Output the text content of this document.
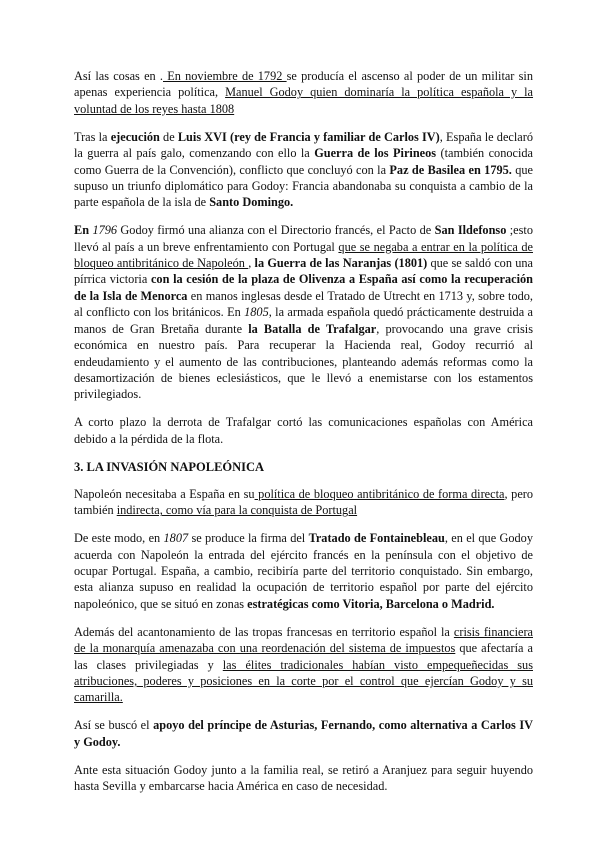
Así las cosas en . En noviembre de 1792 se producía el ascenso al poder de un militar sin apenas experiencia política, Manuel Godoy quien dominaría la política española y la voluntad de los reyes hasta 1808

Tras la ejecución de Luis XVI (rey de Francia y familiar de Carlos IV), España le declaró la guerra al país galo, comenzando con ello la Guerra de los Pirineos (también conocida como Guerra de la Convención), conflicto que concluyó con la Paz de Basilea en 1795. que supuso un triunfo diplomático para Godoy: Francia abandonaba su conquista a cambio de la parte española de la isla de Santo Domingo.

En 1796 Godoy firmó una alianza con el Directorio francés, el Pacto de San Ildefonso ;esto llevó al país a un breve enfrentamiento con Portugal que se negaba a entrar en la política de bloqueo antibritánico de Napoleón , la Guerra de las Naranjas (1801) que se saldó con una pírrica victoria con la cesión de la plaza de Olivenza a España así como la recuperación de la Isla de Menorca en manos inglesas desde el Tratado de Utrecht en 1713 y, sobre todo, al conflicto con los británicos. En 1805, la armada española quedó prácticamente destruida a manos de Gran Bretaña durante la Batalla de Trafalgar, provocando una grave crisis económica en nuestro país. Para recuperar la Hacienda real, Godoy recurrió al endeudamiento y el aumento de las contribuciones, planteando además reformas como la desamortización de bienes eclesiásticos, que le llevó a enemistarse con los estamentos privilegiados.

A corto plazo la derrota de Trafalgar cortó las comunicaciones españolas con América debido a la pérdida de la flota.

3. LA INVASIÓN NAPOLEÓNICA

Napoleón necesitaba a España en su política de bloqueo antibritánico de forma directa, pero también indirecta, como vía para la conquista de Portugal

De este modo, en 1807 se produce la firma del Tratado de Fontainebleau, en el que Godoy acuerda con Napoleón la entrada del ejército francés en la península con el objetivo de ocupar Portugal. España, a cambio, recibiría parte del territorio conquistado. Sin embargo, esta alianza supuso en realidad la ocupación de territorio español por parte del ejército napoleónico, que se situó en zonas estratégicas como Vitoria, Barcelona o Madrid.

Además del acantonamiento de las tropas francesas en territorio español la crisis financiera de la monarquía amenazaba con una reordenación del sistema de impuestos que afectaría a las clases privilegiadas y las élites tradicionales habían visto empequeñecidas sus atribuciones, poderes y posiciones en la corte por el control que ejercían Godoy y su camarilla.

Así se buscó el apoyo del príncipe de Asturias, Fernando, como alternativa a Carlos IV y Godoy.

Ante esta situación Godoy junto a la familia real, se retiró a Aranjuez para seguir huyendo hasta Sevilla y embarcarse hacia América en caso de necesidad.
